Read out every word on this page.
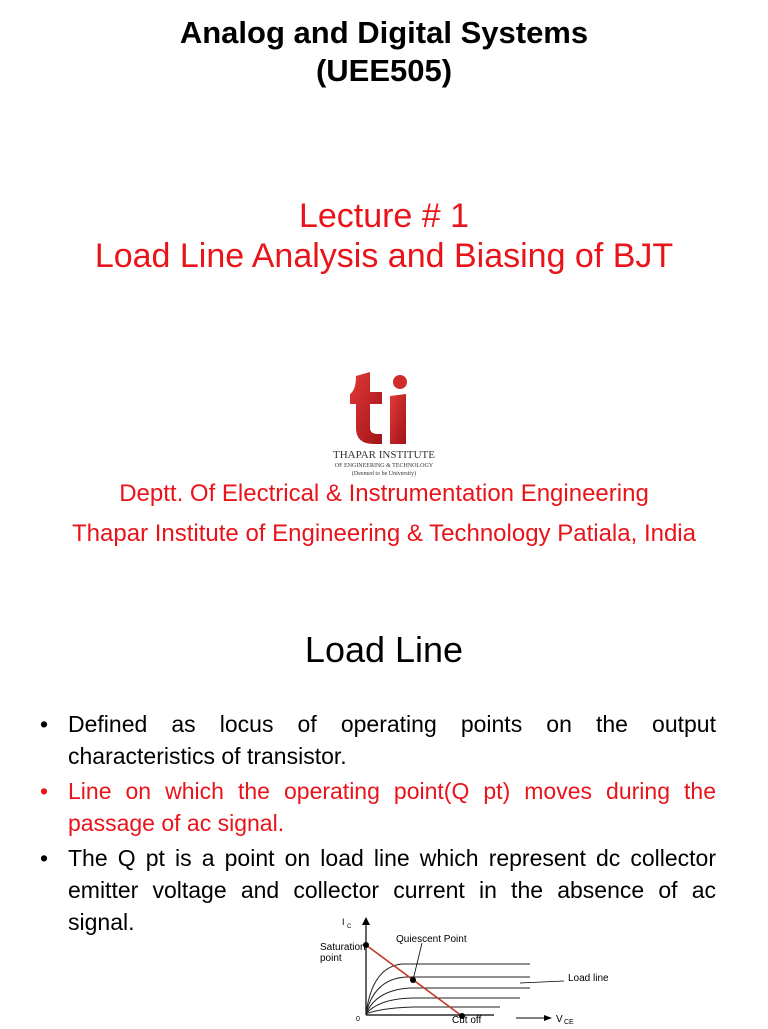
Analog and Digital Systems
(UEE505)
Lecture # 1
Load Line Analysis and Biasing of BJT
THAPAR INSTITUTE
OF ENGINEERING & TECHNOLOGY
(Deemed to be University)
Deptt. Of Electrical & Instrumentation Engineering
Thapar Institute of Engineering & Technology Patiala, India
Load Line
• Defined as locus of operating points on the output characteristics of transistor.
• Line on which the operating point(Q pt) moves during the passage of ac signal.
• The Q pt is a point on load line which represent dc collector emitter voltage and collector current in the absence of ac signal.	I C
Saturation
point
Quiescent Point
Load line
0	Cut off	V CE
